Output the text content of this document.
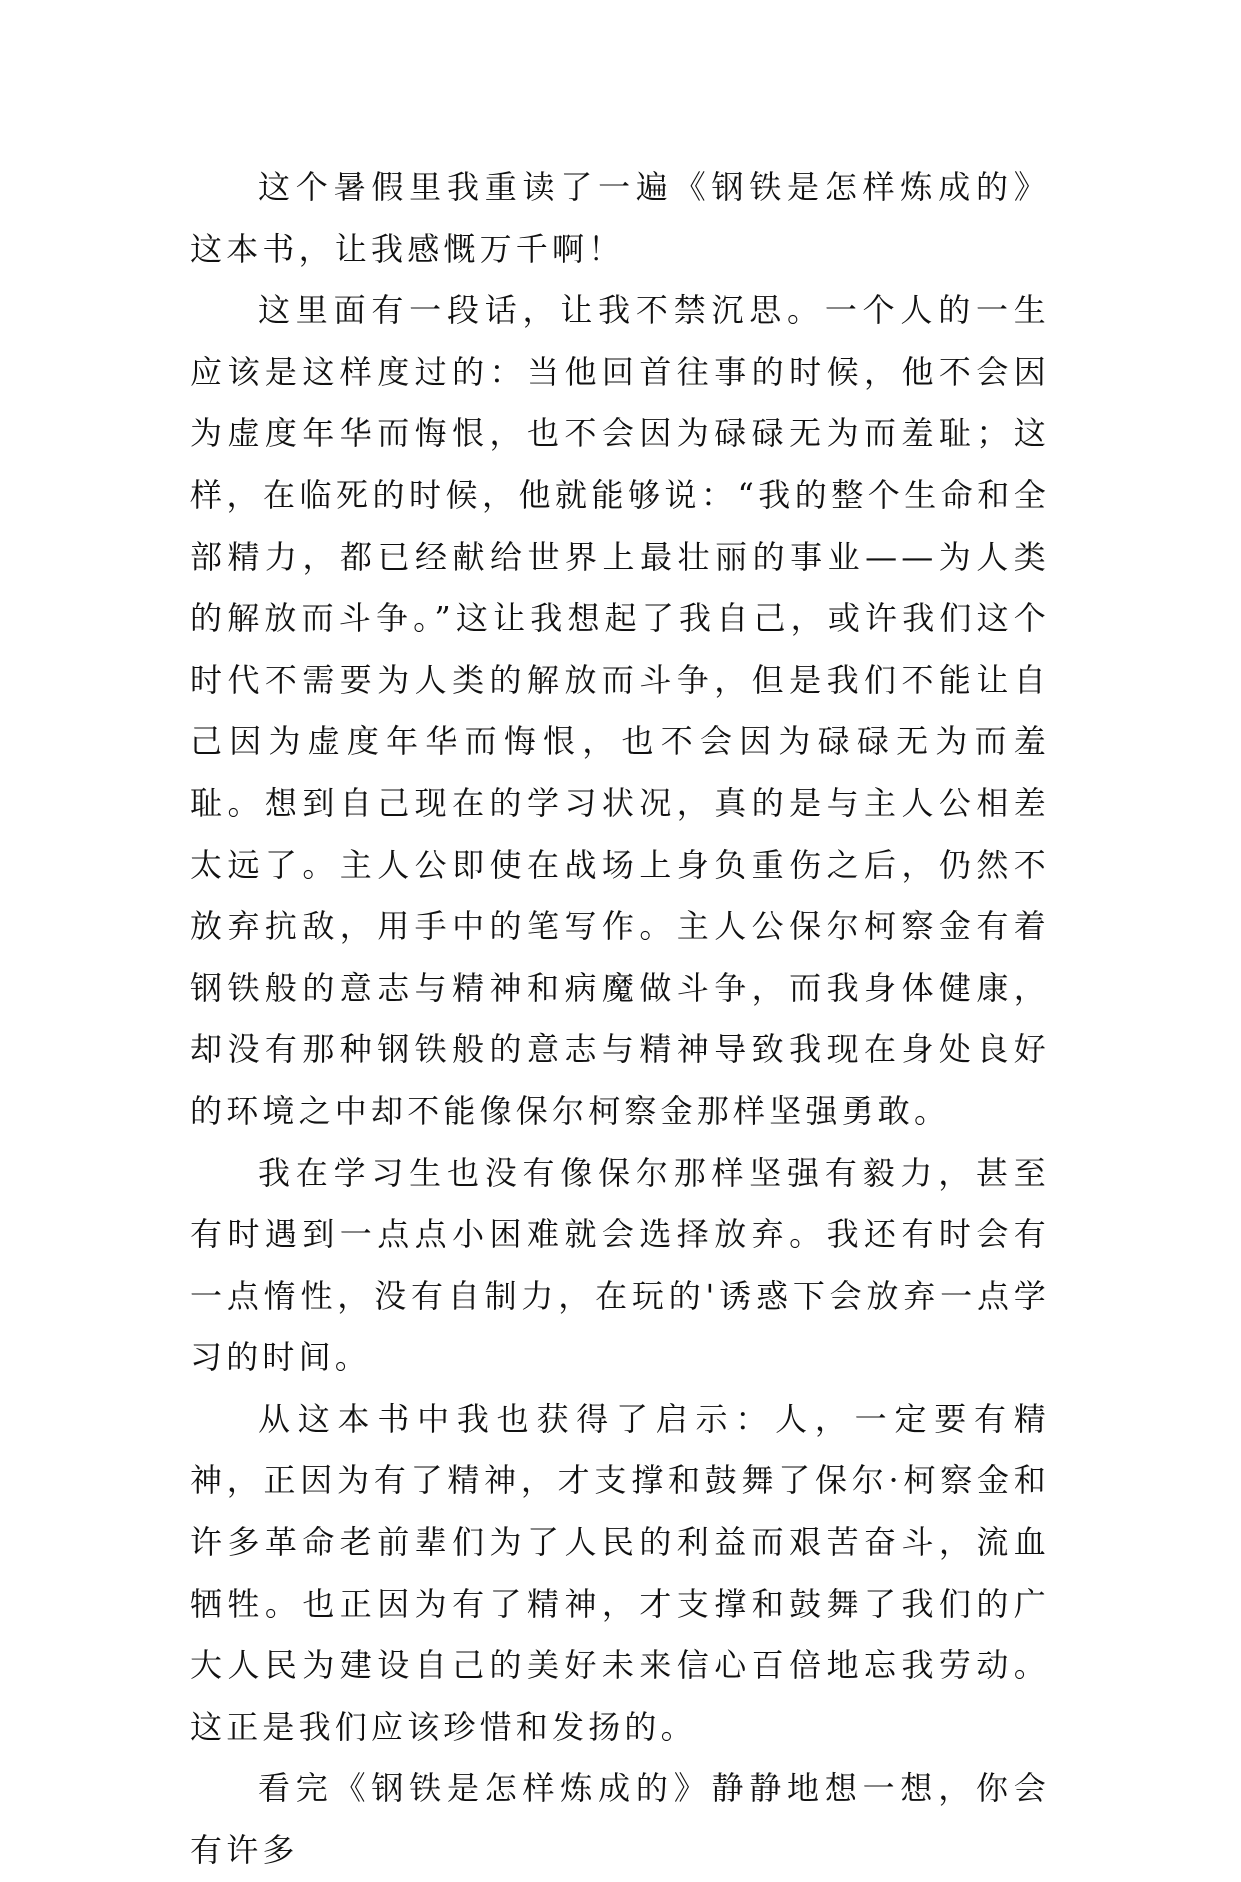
这个暑假里我重读了一遍《钢铁是怎样炼成的》这本书，让我感慨万千啊！

这里面有一段话，让我不禁沉思。一个人的一生应该是这样度过的：当他回首往事的时候，他不会因为虚度年华而悔恨，也不会因为碌碌无为而羞耻；这样，在临死的时候，他就能够说：“我的整个生命和全部精力，都已经献给世界上最壮丽的事业——为人类的解放而斗争。”这让我想起了我自己，或许我们这个时代不需要为人类的解放而斗争，但是我们不能让自己因为虚度年华而悔恨，也不会因为碌碌无为而羞耻。想到自己现在的学习状况，真的是与主人公相差太远了。主人公即使在战场上身负重伤之后，仍然不放弃抗敌，用手中的笔写作。主人公保尔柯察金有着钢铁般的意志与精神和病魔做斗争，而我身体健康，却没有那种钢铁般的意志与精神导致我现在身处良好的环境之中却不能像保尔柯察金那样坚强勇敢。

我在学习生也没有像保尔那样坚强有毅力，甚至有时遇到一点点小困难就会选择放弃。我还有时会有一点惰性，没有自制力，在玩的'诱惑下会放弃一点学习的时间。

从这本书中我也获得了启示：人，一定要有精神，正因为有了精神，才支撑和鼓舞了保尔·柯察金和许多革命老前辈们为了人民的利益而艰苦奋斗，流血牺牲。也正因为有了精神，才支撑和鼓舞了我们的广大人民为建设自己的美好未来信心百倍地忘我劳动。这正是我们应该珍惜和发扬的。

看完《钢铁是怎样炼成的》静静地想一想，你会有许多
